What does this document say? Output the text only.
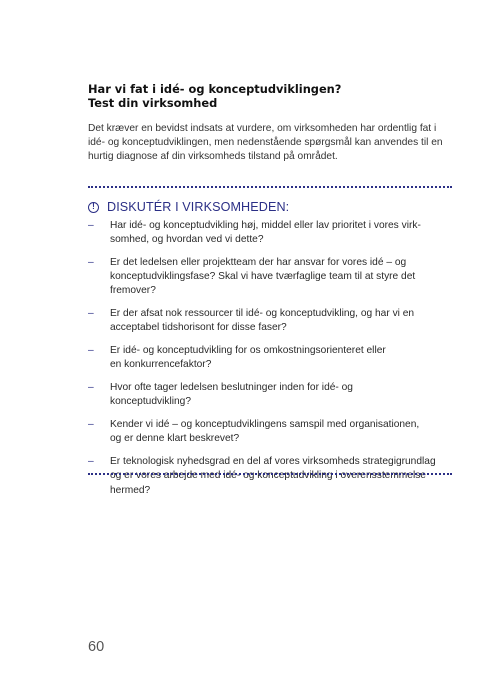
Har vi fat i idé- og konceptudviklingen?
Test din virksomhed

Det kræver en bevidst indsats at vurdere, om virksomheden har ordentlig fat i
idé- og konceptudviklingen, men nedenstående spørgsmål kan anvendes til en
hurtig diagnose af din virksomheds tilstand på området.

! DISKUTÉR I VIRKSOMHEDEN:
– Har idé- og konceptudvikling høj, middel eller lav prioritet i vores virk-
somhed, og hvordan ved vi dette?
– Er det ledelsen eller projektteam der har ansvar for vores idé – og
konceptudviklingsfase? Skal vi have tværfaglige team til at styre det
fremover?
– Er der afsat nok ressourcer til idé- og konceptudvikling, og har vi en
acceptabel tidshorisont for disse faser?
– Er idé- og konceptudvikling for os omkostningsorienteret eller
en konkurrencefaktor?
– Hvor ofte tager ledelsen beslutninger inden for idé- og
konceptudvikling?
– Kender vi idé – og konceptudviklingens samspil med organisationen,
og er denne klart beskrevet?
– Er teknologisk nyhedsgrad en del af vores virksomheds strategigrundlag
og er vores arbejde med idé- og konceptudvikling i overensstemmelse
hermed?
60
